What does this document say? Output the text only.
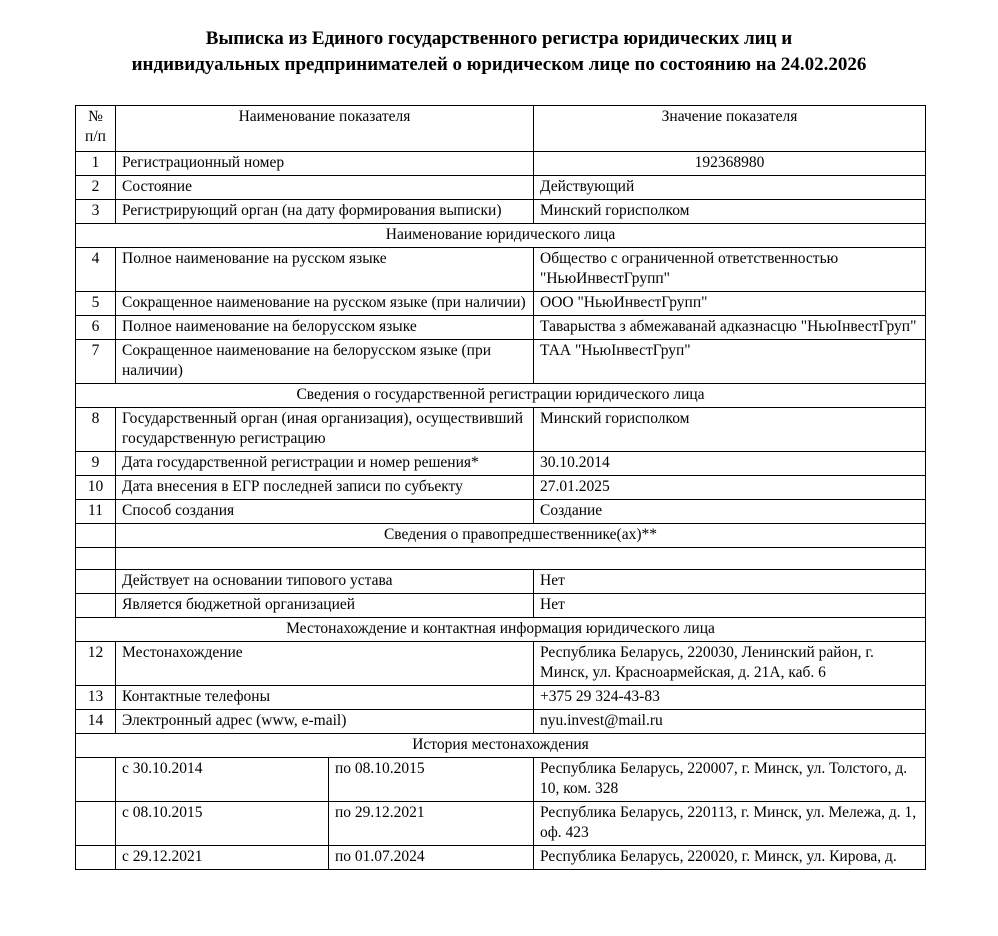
Выписка из Единого государственного регистра юридических лиц и
индивидуальных предпринимателей о юридическом лице по состоянию на 24.02.2026
№
п/п	Наименование показателя		Значение показателя
1	Регистрационный номер		192368980
2	Состояние		Действующий
3	Регистрирующий орган (на дату формирования выписки)		Минский горисполком
Наименование юридического лица			
4	Полное наименование на русском языке		Общество с ограниченной ответственностью "НьюИнвестГрупп"
5	Сокращенное наименование на русском языке (при наличии)		ООО "НьюИнвестГрупп"
6	Полное наименование на белорусском языке		Таварыства з абмежаванай адказнасцю "НьюІнвестГруп"
7	Сокращенное наименование на белорусском языке (при наличии)		ТАА "НьюІнвестГруп"
Сведения о государственной регистрации юридического лица			
8	Государственный орган (иная организация), осуществивший государственную регистрацию		Минский горисполком
9	Дата государственной регистрации и номер решения*		30.10.2014
10	Дата внесения в ЕГР последней записи по субъекту		27.01.2025
11	Способ создания		Создание
	Сведения о правопредшественнике(ах)**		

	Действует на основании типового устава		Нет
	Является бюджетной организацией		Нет
Местонахождение и контактная информация юридического лица			
12	Местонахождение		Республика Беларусь, 220030, Ленинский район, г. Минск, ул. Красноармейская, д. 21А, каб. 6
13	Контактные телефоны		+375 29 324-43-83
14	Электронный адрес (www, e-mail)		nyu.invest@mail.ru
История местонахождения			
	с 30.10.2014	по 08.10.2015	Республика Беларусь, 220007, г. Минск, ул. Толстого, д. 10, ком. 328
	с 08.10.2015	по 29.12.2021	Республика Беларусь, 220113, г. Минск, ул. Мележа, д. 1, оф. 423
	с 29.12.2021	по 01.07.2024	Республика Беларусь, 220020, г. Минск, ул. Кирова, д.
